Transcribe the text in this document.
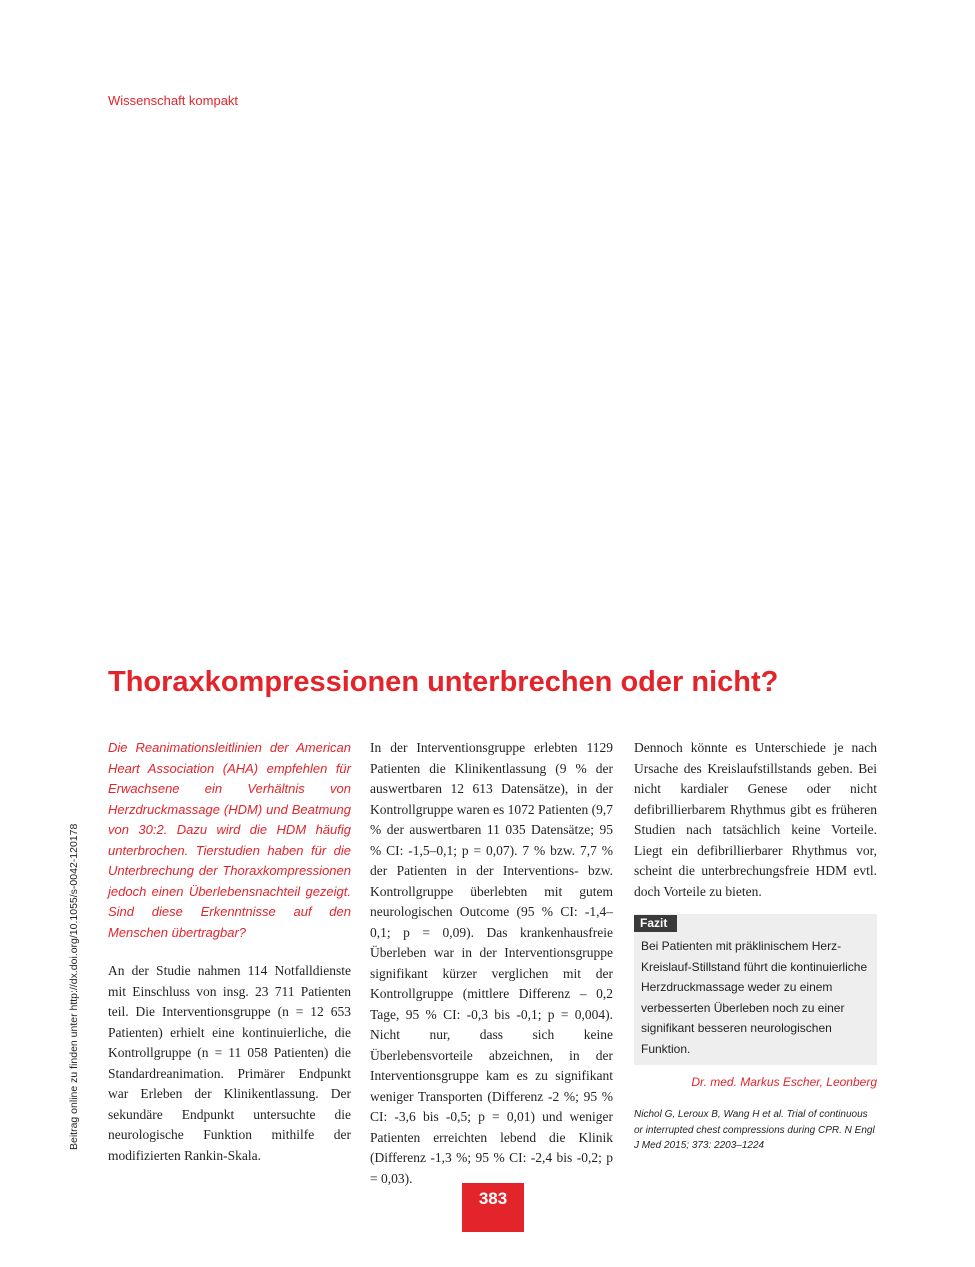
Wissenschaft kompakt
Beitrag online zu finden unter http://dx.doi.org/10.1055/s-0042-120178
Thoraxkompressionen unterbrechen oder nicht?

Die Reanimationsleitlinien der American Heart Association (AHA) empfehlen für Erwachsene ein Verhältnis von Herzdruckmassage (HDM) und Beatmung von 30:2. Dazu wird die HDM häufig unterbrochen. Tierstudien haben für die Unterbrechung der Thoraxkompressionen jedoch einen Überlebensnachteil gezeigt. Sind diese Erkenntnisse auf den Menschen übertragbar?

An der Studie nahmen 114 Notfalldienste mit Einschluss von insg. 23 711 Patienten teil. Die Interventionsgruppe (n = 12 653 Patienten) erhielt eine kontinuierliche, die Kontrollgruppe (n = 11 058 Patienten) die Standardreanimation. Primärer Endpunkt war Erleben der Klinikentlassung. Der sekundäre Endpunkt untersuchte die neurologische Funktion mithilfe der modifizierten Rankin-Skala.

In der Interventionsgruppe erlebten 1129 Patienten die Klinikentlassung (9 % der auswertbaren 12 613 Datensätze), in der Kontrollgruppe waren es 1072 Patienten (9,7 % der auswertbaren 11 035 Datensätze; 95 % CI: -1,5–0,1; p = 0,07). 7 % bzw. 7,7 % der Patienten in der Interventions- bzw. Kontrollgruppe überlebten mit gutem neurologischen Outcome (95 % CI: -1,4–0,1; p = 0,09). Das krankenhausfreie Überleben war in der Interventionsgruppe signifikant kürzer verglichen mit der Kontrollgruppe (mittlere Differenz – 0,2 Tage, 95 % CI: -0,3 bis -0,1; p = 0,004). Nicht nur, dass sich keine Überlebensvorteile abzeichnen, in der Interventionsgruppe kam es zu signifikant weniger Transporten (Differenz -2 %; 95 % CI: -3,6 bis -0,5; p = 0,01) und weniger Patienten erreichten lebend die Klinik (Differenz -1,3 %; 95 % CI: -2,4 bis -0,2; p = 0,03).

Dennoch könnte es Unterschiede je nach Ursache des Kreislaufstillstands geben. Bei nicht kardialer Genese oder nicht defibrillierbarem Rhythmus gibt es früheren Studien nach tatsächlich keine Vorteile. Liegt ein defibrillierbarer Rhythmus vor, scheint die unterbrechungsfreie HDM evtl. doch Vorteile zu bieten.

Fazit

Bei Patienten mit präklinischem Herz-Kreislauf-Stillstand führt die kontinuierliche Herzdruckmassage weder zu einem verbesserten Überleben noch zu einer signifikant besseren neurologischen Funktion.

Dr. med. Markus Escher, Leonberg

Nichol G, Leroux B, Wang H et al. Trial of continuous or interrupted chest compressions during CPR. N Engl J Med 2015; 373: 2203–1224

383
